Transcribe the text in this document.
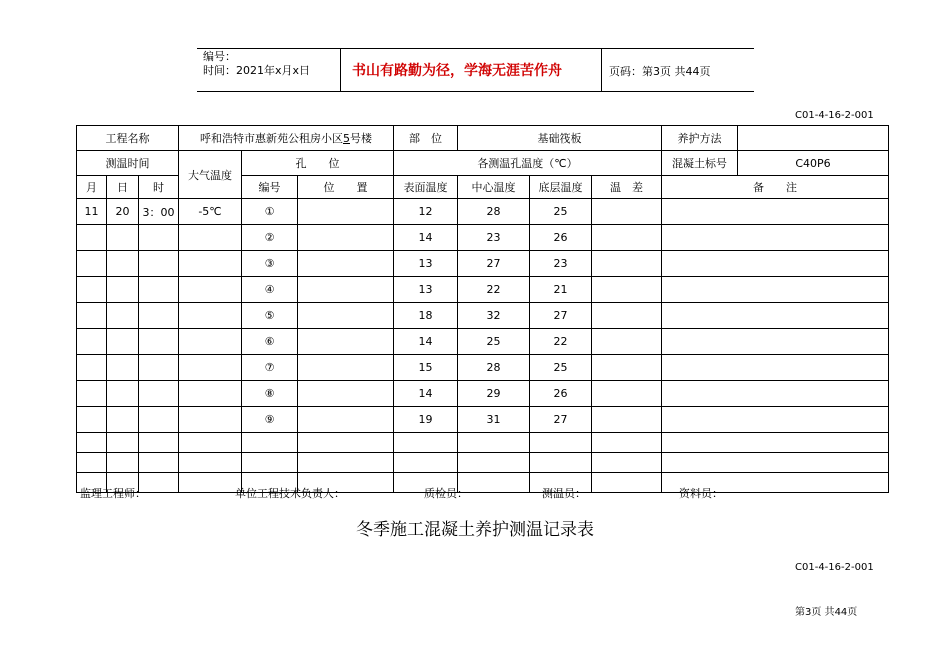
编号：
时间：2021年x月x日	书山有路勤为径，学海无涯苦作舟	页码：第3页 共44页
C01-4-16-2-001
工程名称			呼和浩特市惠新苑公租房小区5号楼			部　位	基础筏板			养护方法

测温时间			大气温度	孔　　位		各测温孔温度（℃）				混凝土标号 C40P6

月	日	时		编号	位　　置	表面温度	中心温度	底层温度	温　差	备　　注
11	20	3：00	-5℃	①		12	28	25		
				②		14	23	26		
				③		13	27	23		
				④		13	22	21		
				⑤		18	32	27		
				⑥		14	25	22		
				⑦		15	28	25		
				⑧		14	29	26		
				⑨		19	31	27		

监理工程师：	单位工程技术负责人：	质检员：	测温员：	资料员：
冬季施工混凝土养护测温记录表
C01-4-16-2-001
第3页 共44页
